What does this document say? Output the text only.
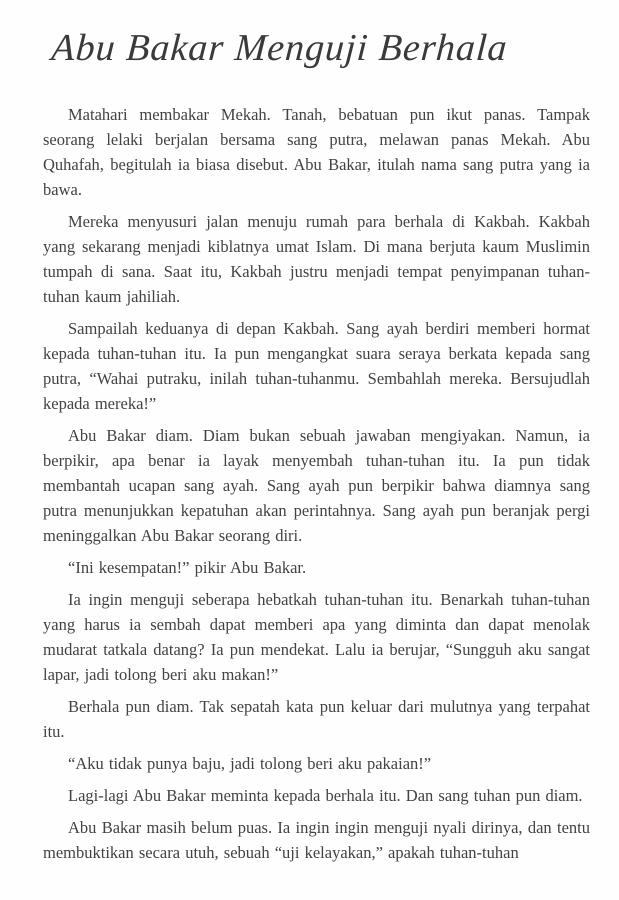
Abu Bakar Menguji Berhala

Matahari membakar Mekah. Tanah, bebatuan pun ikut panas. Tampak seorang lelaki berjalan bersama sang putra, melawan panas Mekah. Abu Quhafah, begitulah ia biasa disebut. Abu Bakar, itulah nama sang putra yang ia bawa.

Mereka menyusuri jalan menuju rumah para berhala di Kakbah. Kakbah yang sekarang menjadi kiblatnya umat Islam. Di mana berjuta kaum Muslimin tumpah di sana. Saat itu, Kakbah justru menjadi tempat penyimpanan tuhan-tuhan kaum jahiliah.

Sampailah keduanya di depan Kakbah. Sang ayah berdiri memberi hormat kepada tuhan-tuhan itu. Ia pun mengangkat suara seraya berkata kepada sang putra, “Wahai putraku, inilah tuhan-tuhanmu. Sembahlah mereka. Bersujudlah kepada mereka!”

Abu Bakar diam. Diam bukan sebuah jawaban mengiyakan. Namun, ia berpikir, apa benar ia layak menyembah tuhan-tuhan itu. Ia pun tidak membantah ucapan sang ayah. Sang ayah pun berpikir bahwa diamnya sang putra menunjukkan kepatuhan akan perintahnya. Sang ayah pun beranjak pergi meninggalkan Abu Bakar seorang diri.

“Ini kesempatan!” pikir Abu Bakar.

Ia ingin menguji seberapa hebatkah tuhan-tuhan itu. Benarkah tuhan-tuhan yang harus ia sembah dapat memberi apa yang diminta dan dapat menolak mudarat tatkala datang? Ia pun mendekat. Lalu ia berujar, “Sungguh aku sangat lapar, jadi tolong beri aku makan!”

Berhala pun diam. Tak sepatah kata pun keluar dari mulutnya yang terpahat itu.

“Aku tidak punya baju, jadi tolong beri aku pakaian!”

Lagi-lagi Abu Bakar meminta kepada berhala itu. Dan sang tuhan pun diam.

Abu Bakar masih belum puas. Ia ingin ingin menguji nyali dirinya, dan tentu membuktikan secara utuh, sebuah “uji kelayakan,” apakah tuhan-tuhan
